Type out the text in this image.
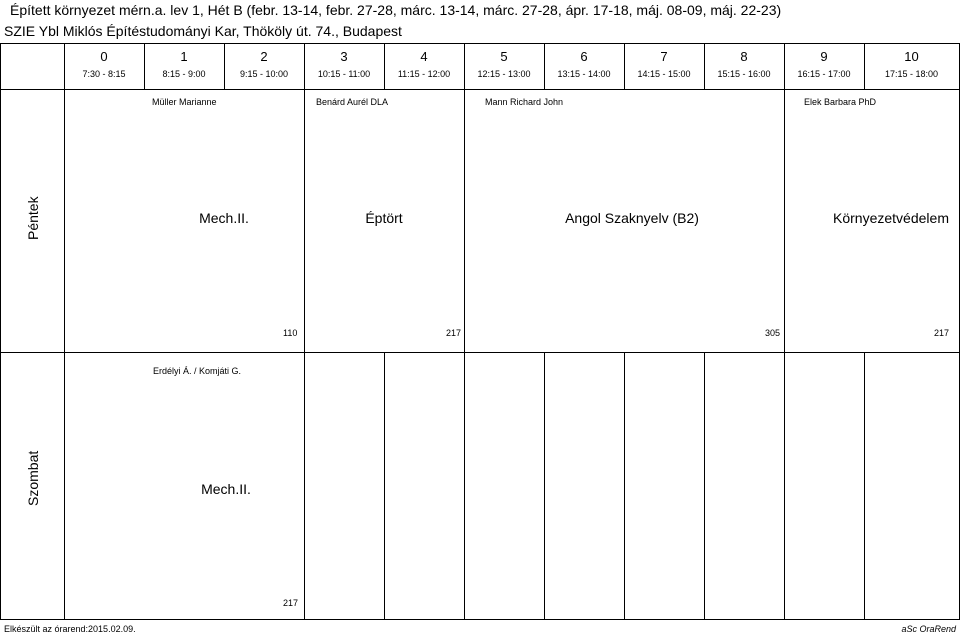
Épített környezet mérn.a. lev 1, Hét B (febr. 13-14, febr. 27-28, márc. 13-14, márc. 27-28, ápr. 17-18, máj. 08-09, máj. 22-23)
SZIE Ybl Miklós Építéstudományi Kar, Thököly út. 74., Budapest
0
7:30 - 8:15
1
8:15 - 9:00
2
9:15 - 10:00
3
10:15 - 11:00
4
11:15 - 12:00
5
12:15 - 13:00
6
13:15 - 14:00
7
14:15 - 15:00
8
15:15 - 16:00
9
16:15 - 17:00
10
17:15 - 18:00
Péntek
Szombat
Müller Marianne
Mech.II.
110
Benárd Aurél DLA
Éptört
217
Mann Richard John
Angol Szaknyelv (B2)
305
Elek Barbara PhD
Környezetvédelem
217
Erdélyi Á. / Komjáti G.
Mech.II.
217
Elkészült az órarend:2015.02.09.	aSc OraRend
